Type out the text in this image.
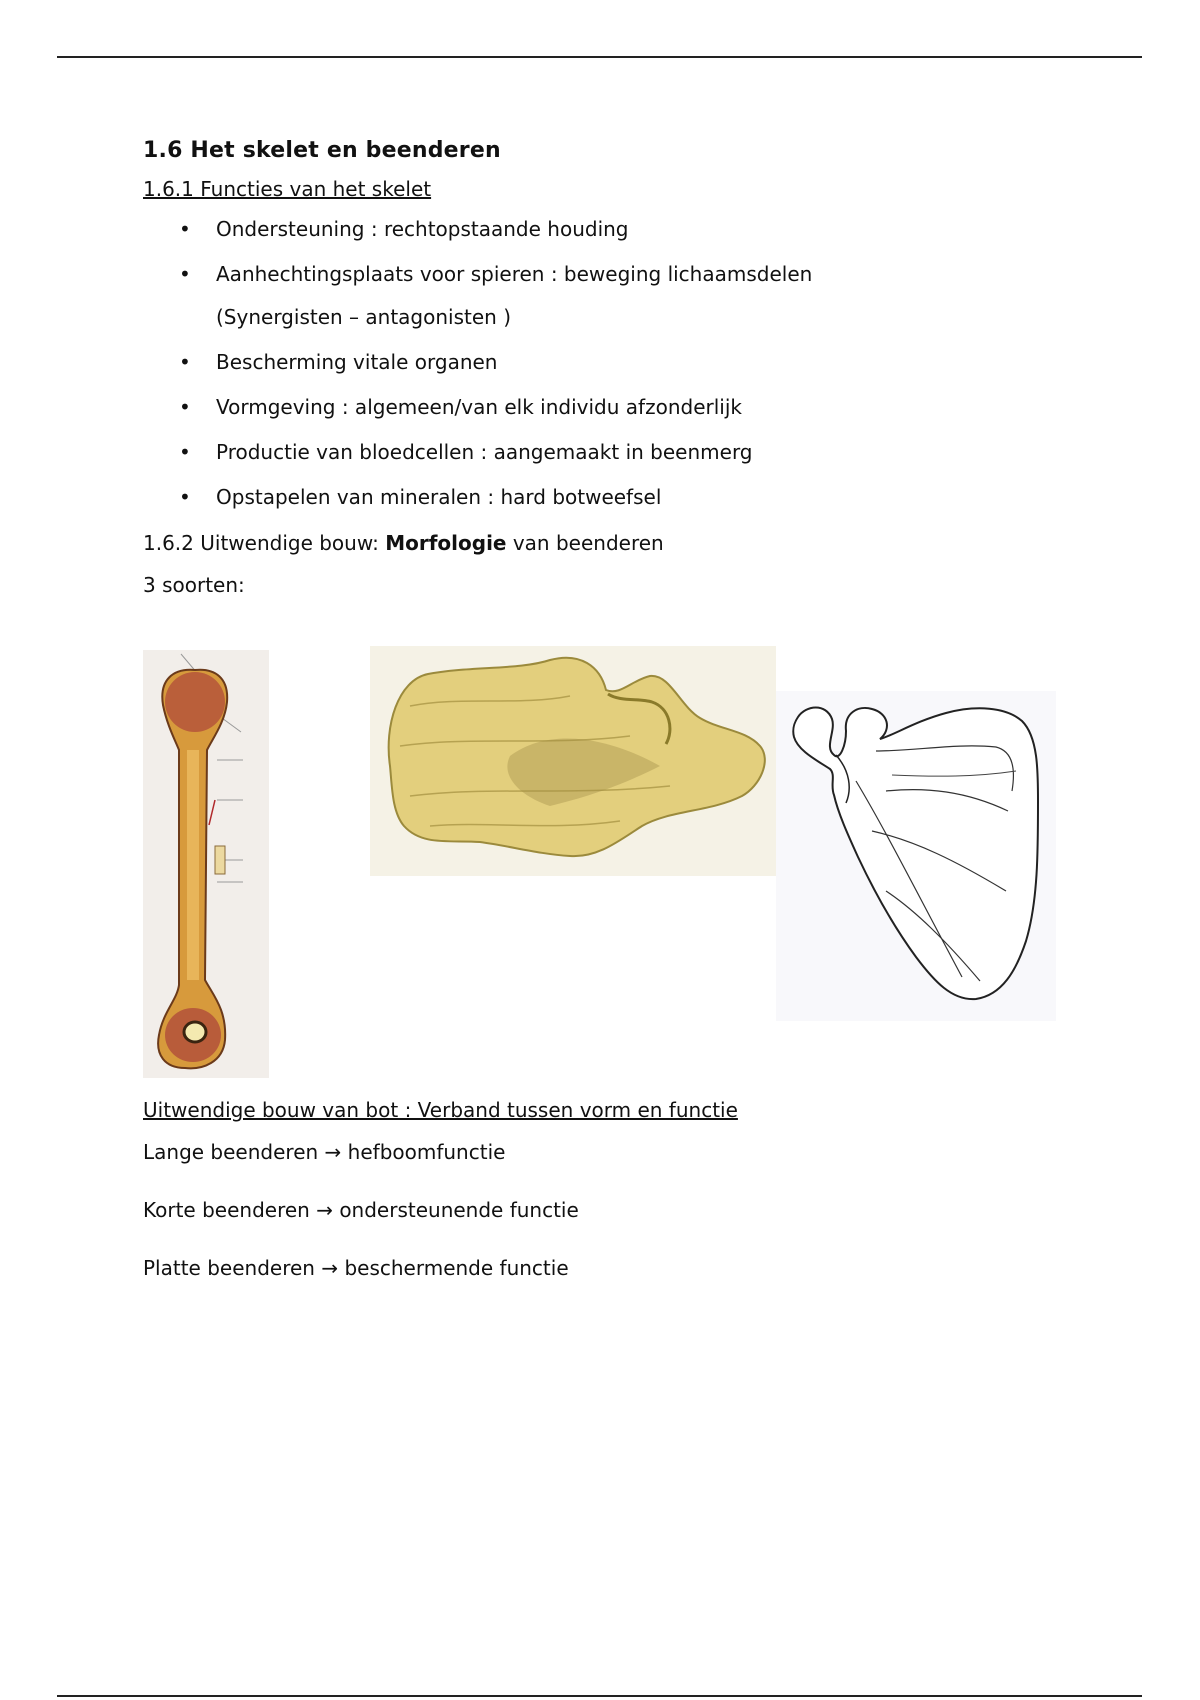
1.6 Het skelet en beenderen
1.6.1 Functies van het skelet
• Ondersteuning : rechtopstaande houding
• Aanhechtingsplaats voor spieren : beweging lichaamsdelen
(Synergisten – antagonisten )
• Bescherming vitale organen
• Vormgeving : algemeen/van elk individu afzonderlijk
• Productie van bloedcellen : aangemaakt in beenmerg
• Opstapelen van mineralen : hard botweefsel
1.6.2 Uitwendige bouw: Morfologie van beenderen
3 soorten:
Uitwendige bouw van bot : Verband tussen vorm en functie
Lange beenderen → hefboomfunctie
Korte beenderen → ondersteunende functie
Platte beenderen → beschermende functie
